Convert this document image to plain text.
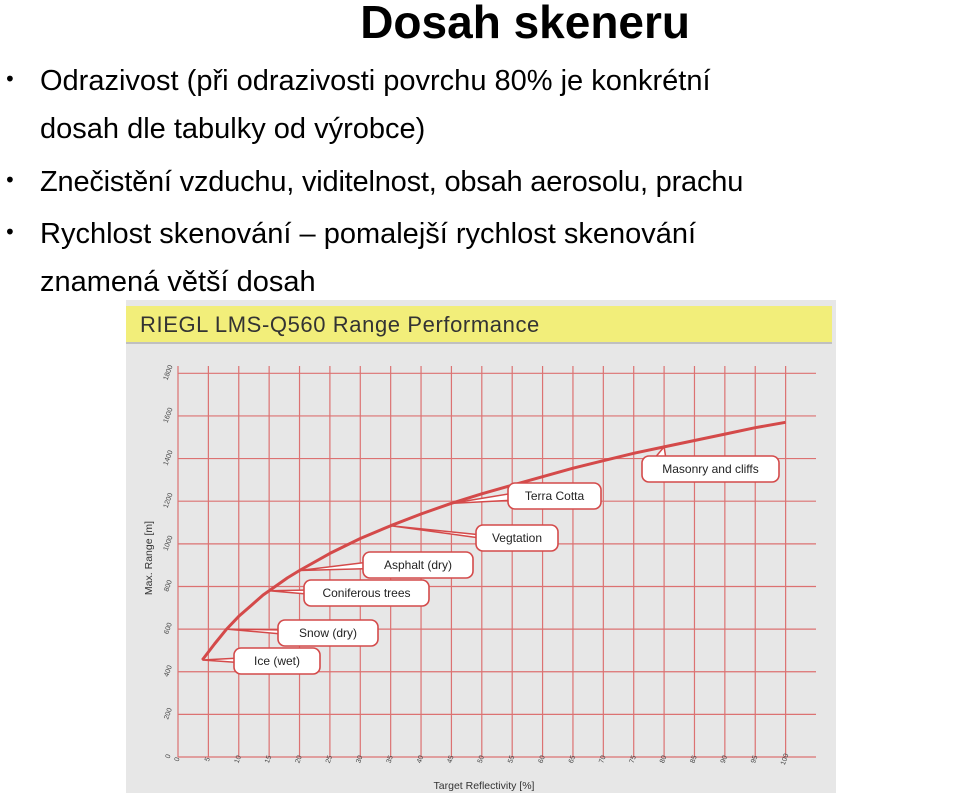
Dosah skeneru
• Odrazivost (při odrazivosti povrchu 80% je konkrétní
dosah dle tabulky od výrobce)
• Znečistění vzduchu, viditelnost, obsah aerosolu, prachu
• Rychlost skenování – pomalejší rychlost skenování
znamená větší dosah
RIEGL LMS-Q560 Range Performance
0
200
400
600
800
1000
1200
1400
1600
1800
0	5	10	15	20	25	30	35	40	45	50	55	60	65	70	75	80	85	90	95	100
Ice (wet)
Snow (dry)
Coniferous trees
Asphalt (dry)
Vegtation
Terra Cotta
Masonry and cliffs
Max. Range [m]
Target Reflectivity [%]
